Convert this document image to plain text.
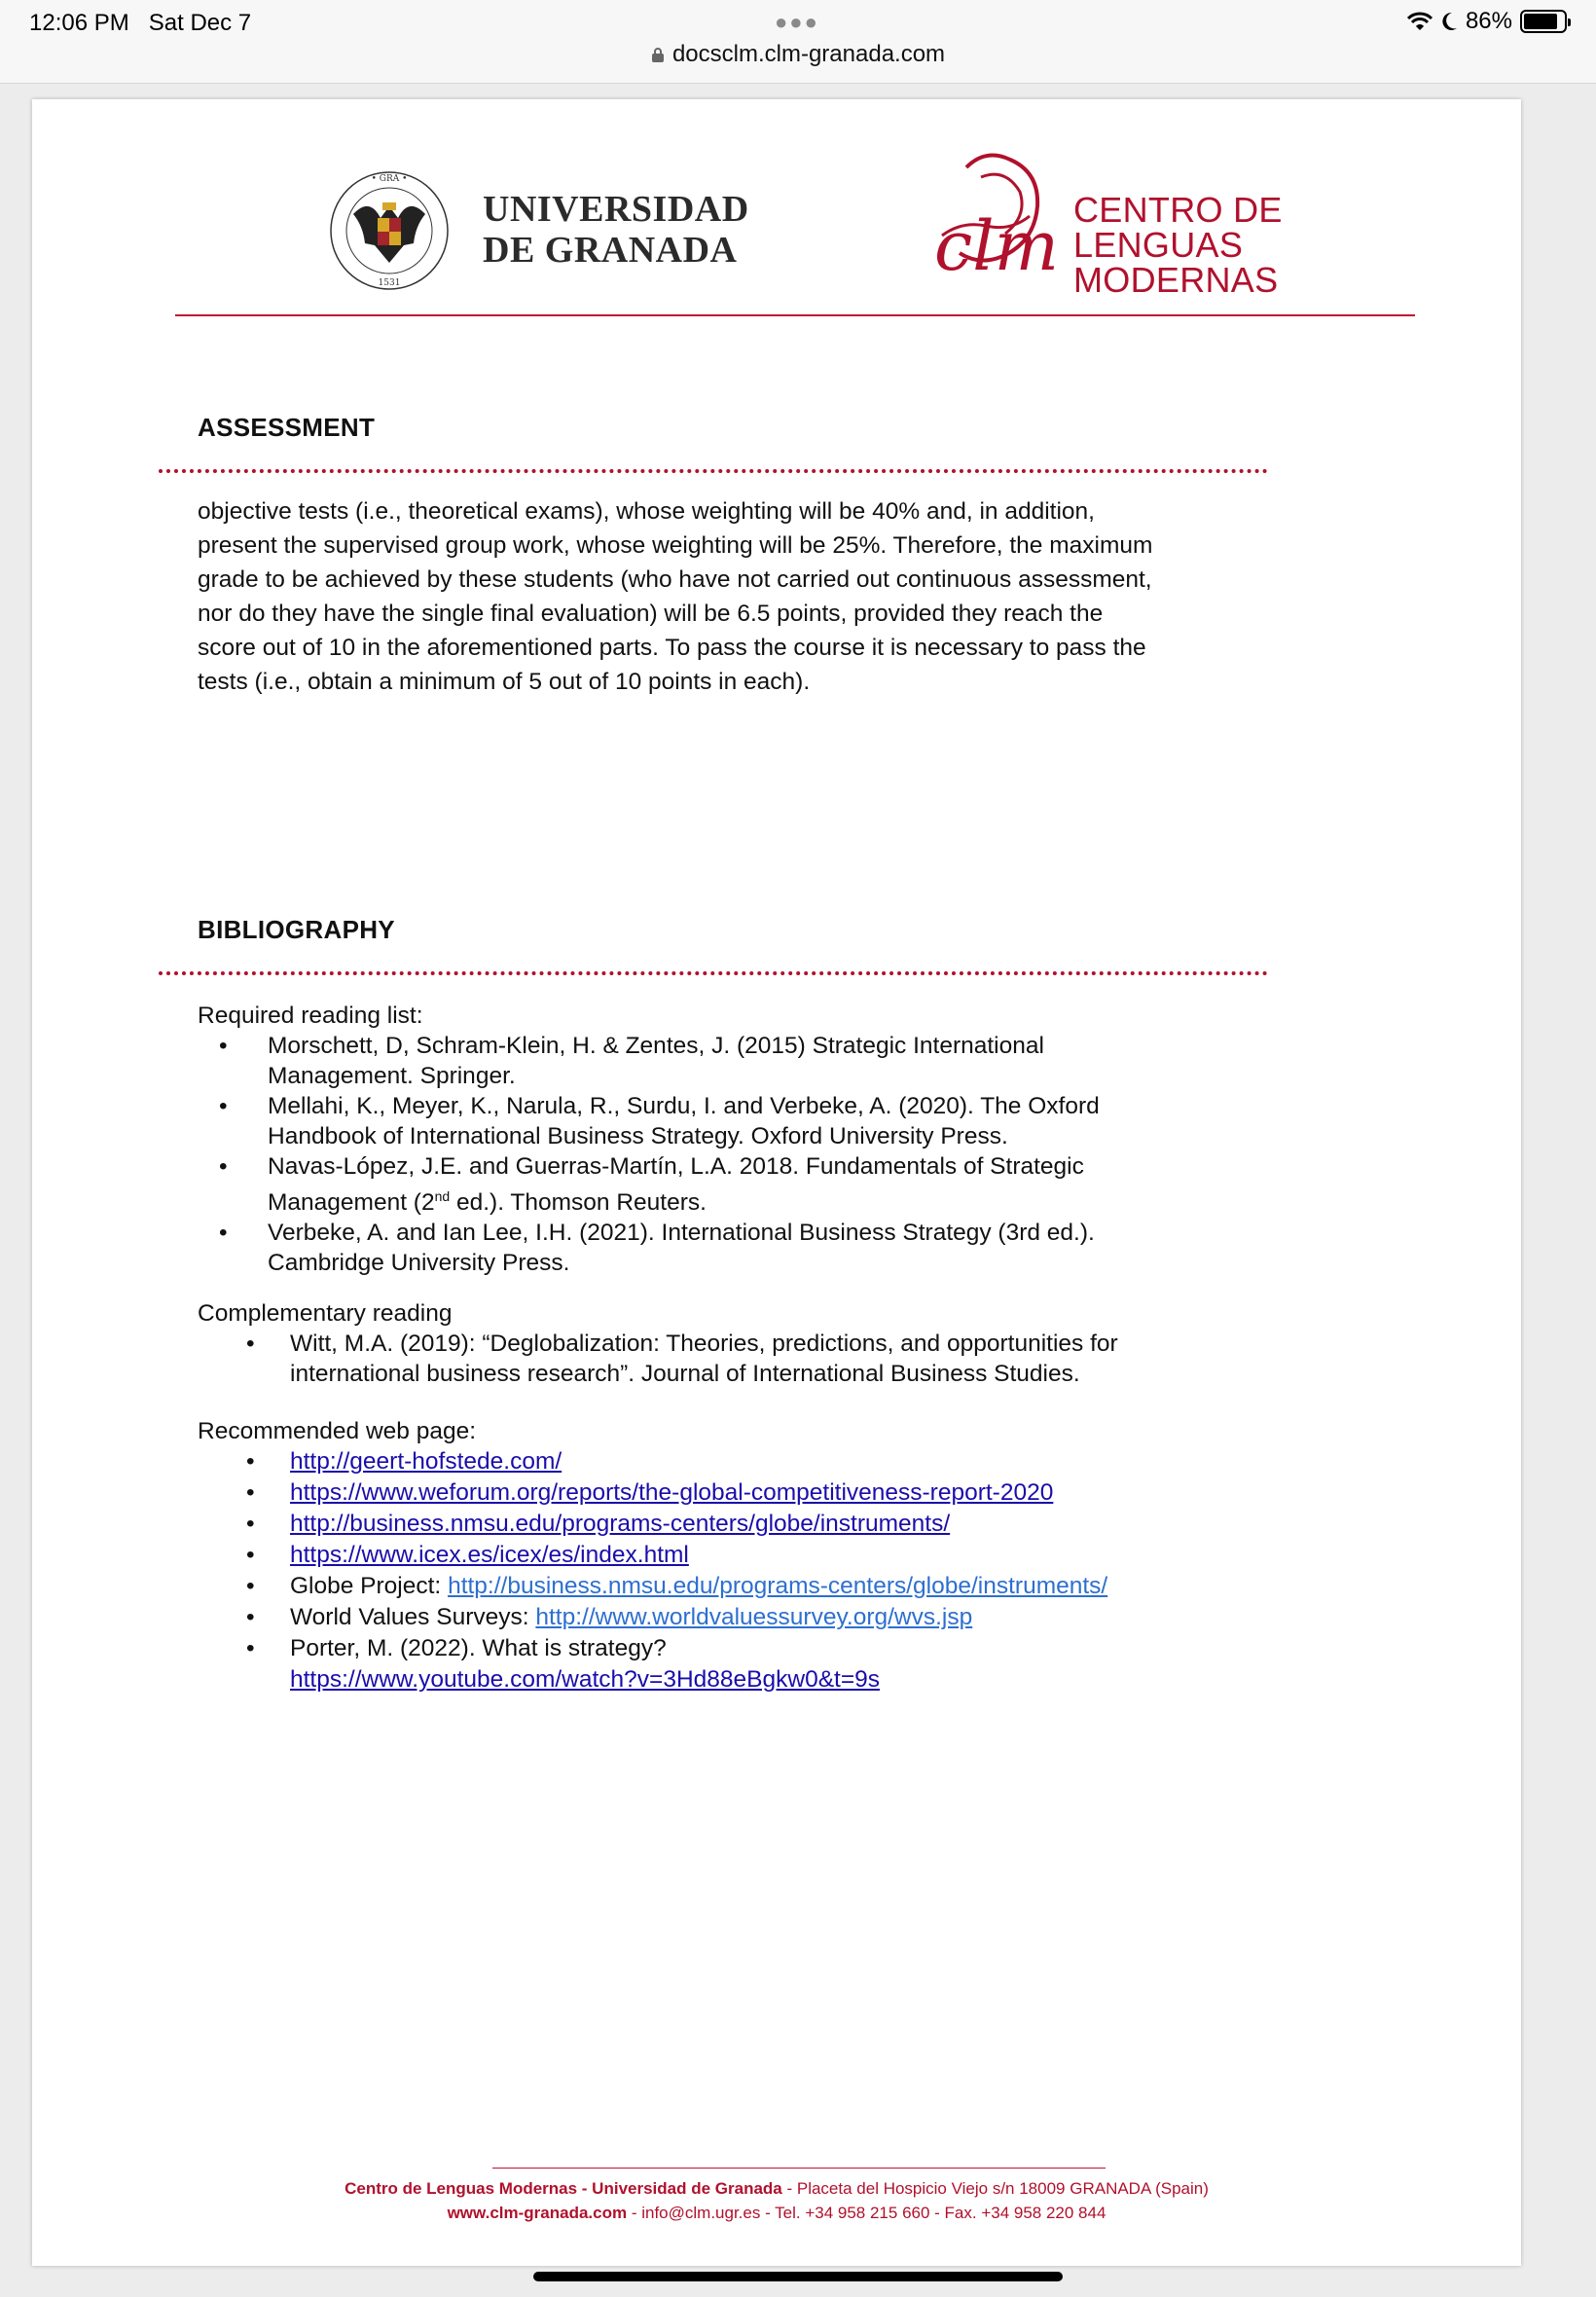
12:06 PM Sat Dec 7	●●●
docsclm.clm-granada.com
86%
• GRA •
1531
UNIVERSIDAD
DE GRANADA	clm CENTRO DE
LENGUAS
MODERNAS
ASSESSMENT
objective tests (i.e., theoretical exams), whose weighting will be 40% and, in addition,
present the supervised group work, whose weighting will be 25%. Therefore, the maximum
grade to be achieved by these students (who have not carried out continuous assessment,
nor do they have the single final evaluation) will be 6.5 points, provided they reach the
score out of 10 in the aforementioned parts. To pass the course it is necessary to pass the
tests (i.e., obtain a minimum of 5 out of 10 points in each).
BIBLIOGRAPHY
Required reading list:
• Morschett, D, Schram-Klein, H. & Zentes, J. (2015) Strategic International
Management. Springer.
• Mellahi, K., Meyer, K., Narula, R., Surdu, I. and Verbeke, A. (2020). The Oxford
Handbook of International Business Strategy. Oxford University Press.
• Navas-López, J.E. and Guerras-Martín, L.A. 2018. Fundamentals of Strategic
Management (2nd ed.). Thomson Reuters.
• Verbeke, A. and Ian Lee, I.H. (2021). International Business Strategy (3rd ed.).
Cambridge University Press.
Complementary reading
• Witt, M.A. (2019): “Deglobalization: Theories, predictions, and opportunities for
international business research”. Journal of International Business Studies.
Recommended web page:
• http://geert-hofstede.com/
• https://www.weforum.org/reports/the-global-competitiveness-report-2020
• http://business.nmsu.edu/programs-centers/globe/instruments/
• https://www.icex.es/icex/es/index.html
• Globe Project: http://business.nmsu.edu/programs-centers/globe/instruments/
• World Values Surveys: http://www.worldvaluessurvey.org/wvs.jsp
• Porter, M. (2022). What is strategy?
https://www.youtube.com/watch?v=3Hd88eBgkw0&t=9s
Centro de Lenguas Modernas - Universidad de Granada - Placeta del Hospicio Viejo s/n 18009 GRANADA (Spain)
www.clm-granada.com - info@clm.ugr.es - Tel. +34 958 215 660 - Fax. +34 958 220 844
